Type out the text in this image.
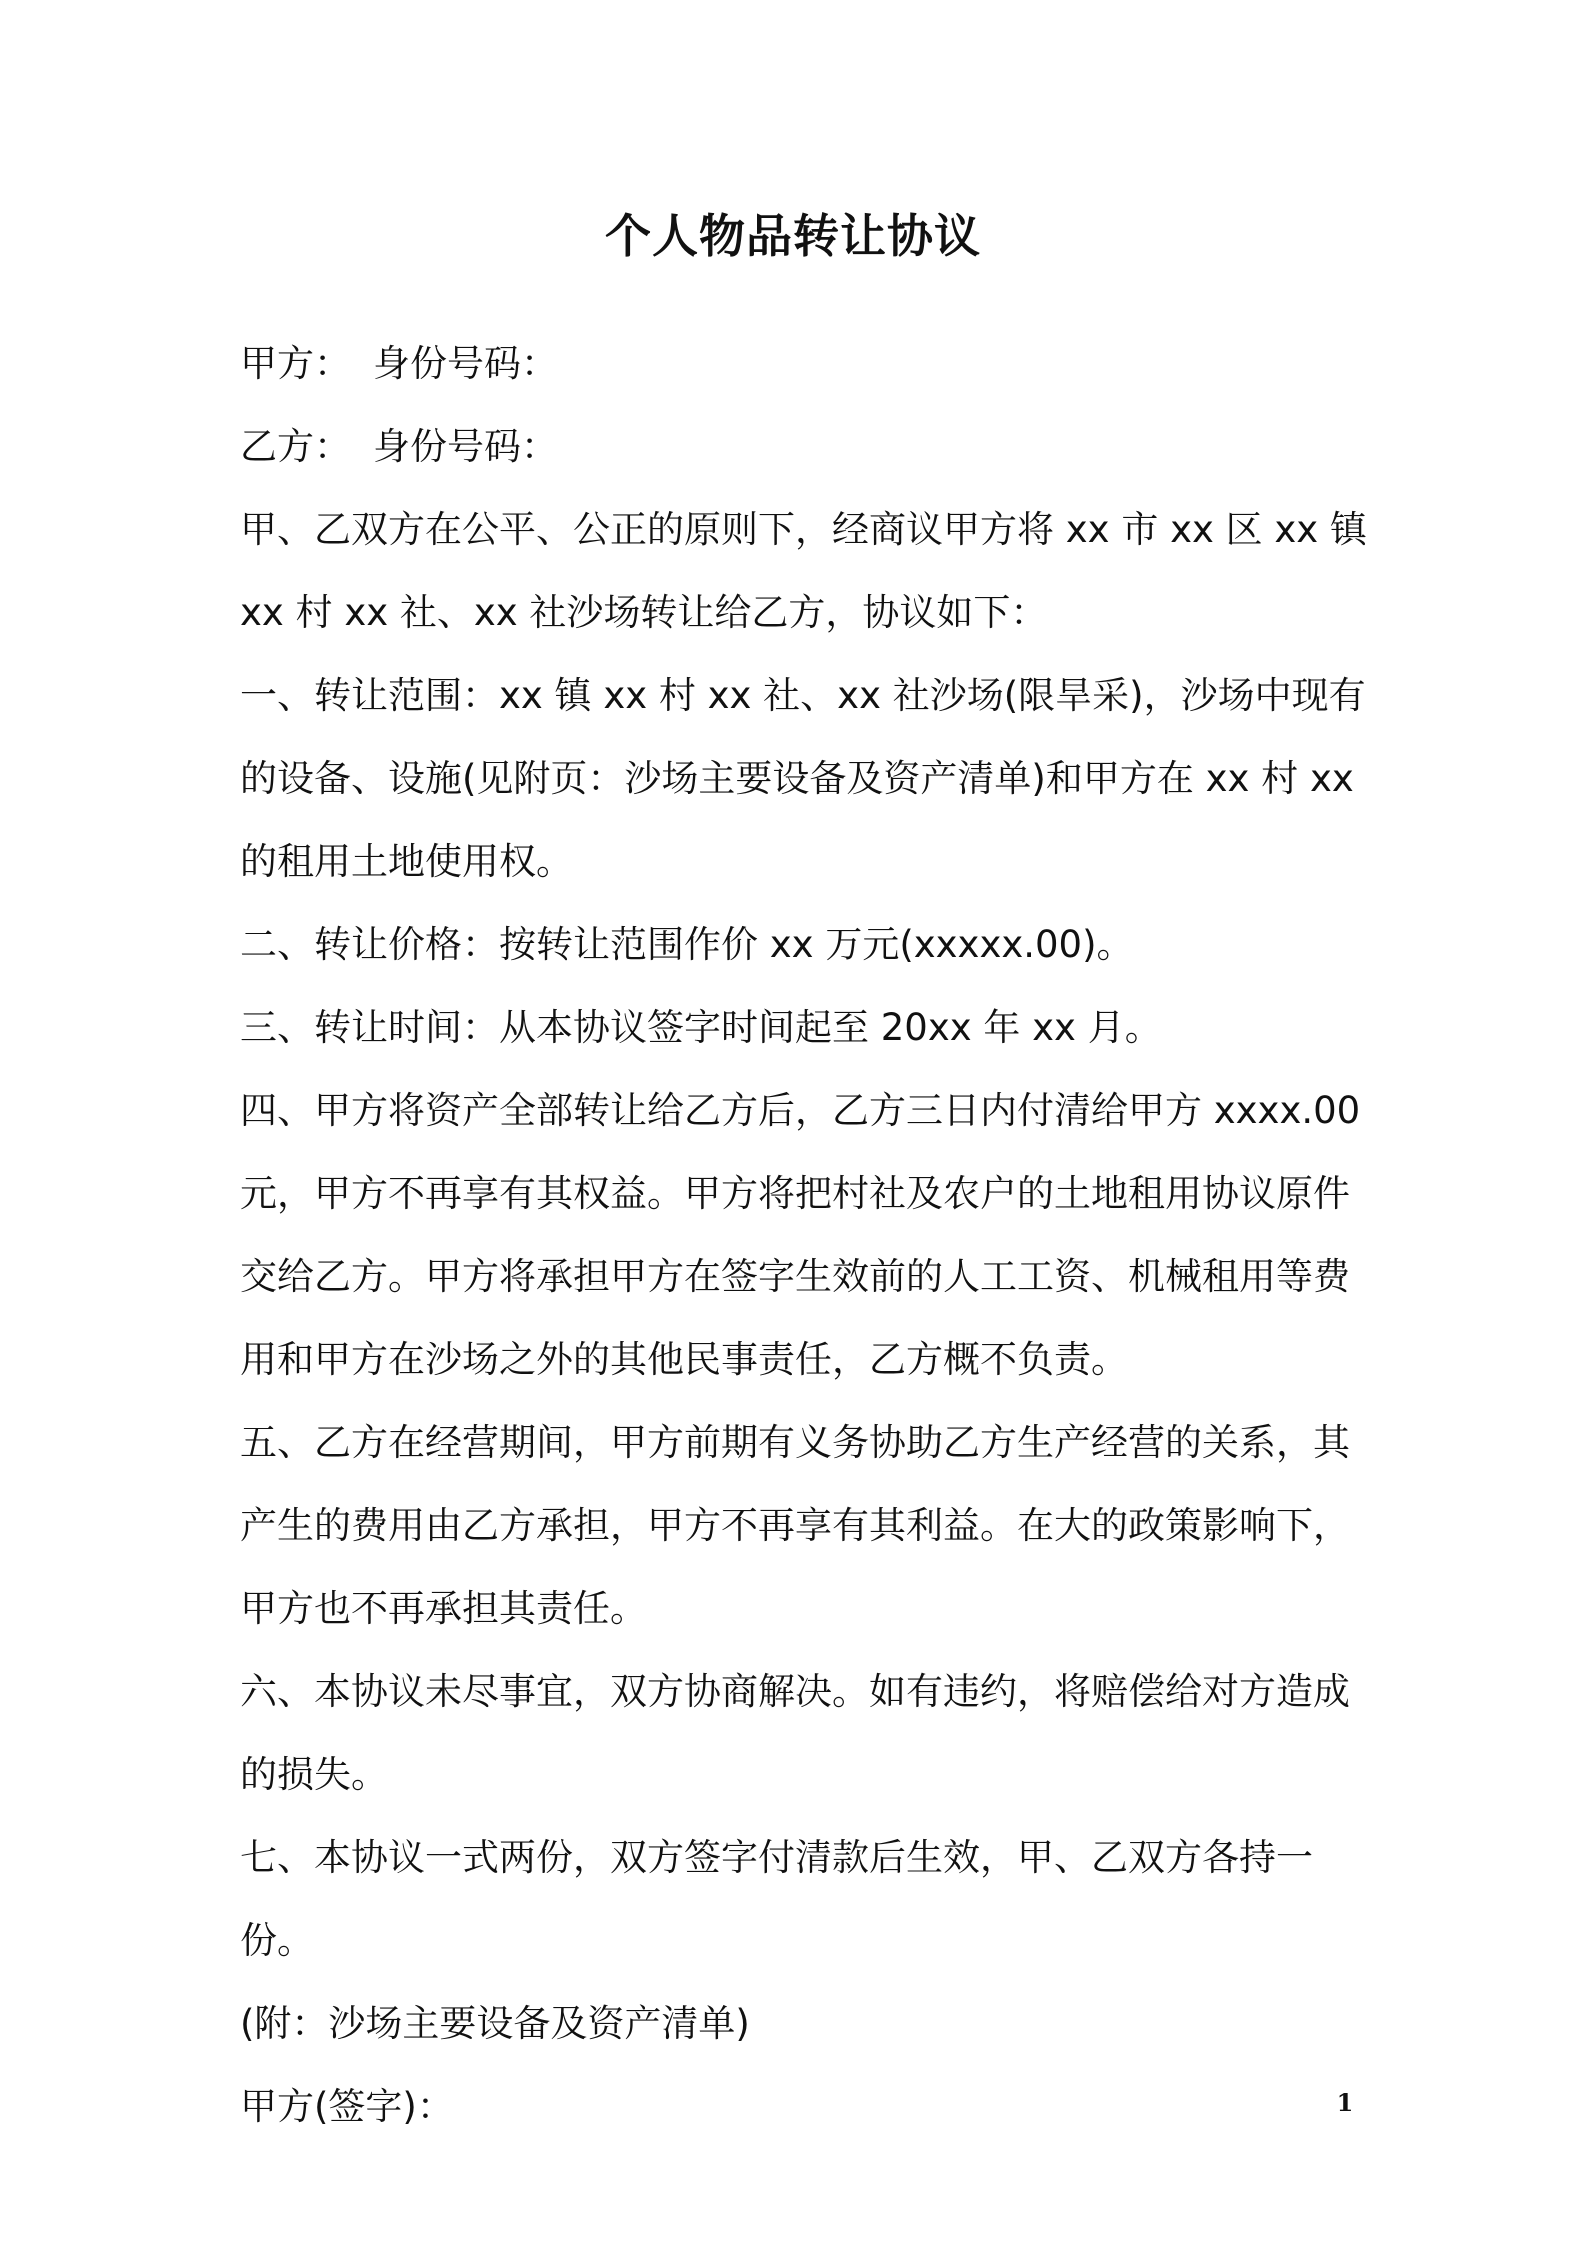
个人物品转让协议

甲方： 身份号码：

乙方： 身份号码：

甲、乙双方在公平、公正的原则下，经商议甲方将 xx 市 xx 区 xx 镇 xx 村 xx 社、xx 社沙场转让给乙方，协议如下：

一、转让范围：xx 镇 xx 村 xx 社、xx 社沙场(限旱采)，沙场中现有的设备、设施(见附页：沙场主要设备及资产清单)和甲方在 xx 村 xx 的租用土地使用权。

二、转让价格：按转让范围作价 xx 万元(xxxxx.00)。

三、转让时间：从本协议签字时间起至 20xx 年 xx 月。

四、甲方将资产全部转让给乙方后，乙方三日内付清给甲方 xxxx.00 元，甲方不再享有其权益。甲方将把村社及农户的土地租用协议原件交给乙方。甲方将承担甲方在签字生效前的人工工资、机械租用等费用和甲方在沙场之外的其他民事责任，乙方概不负责。

五、乙方在经营期间，甲方前期有义务协助乙方生产经营的关系，其产生的费用由乙方承担，甲方不再享有其利益。在大的政策影响下，甲方也不再承担其责任。

六、本协议未尽事宜，双方协商解决。如有违约，将赔偿给对方造成的损失。

七、本协议一式两份，双方签字付清款后生效，甲、乙双方各持一份。

(附：沙场主要设备及资产清单)

甲方(签字)：	1
